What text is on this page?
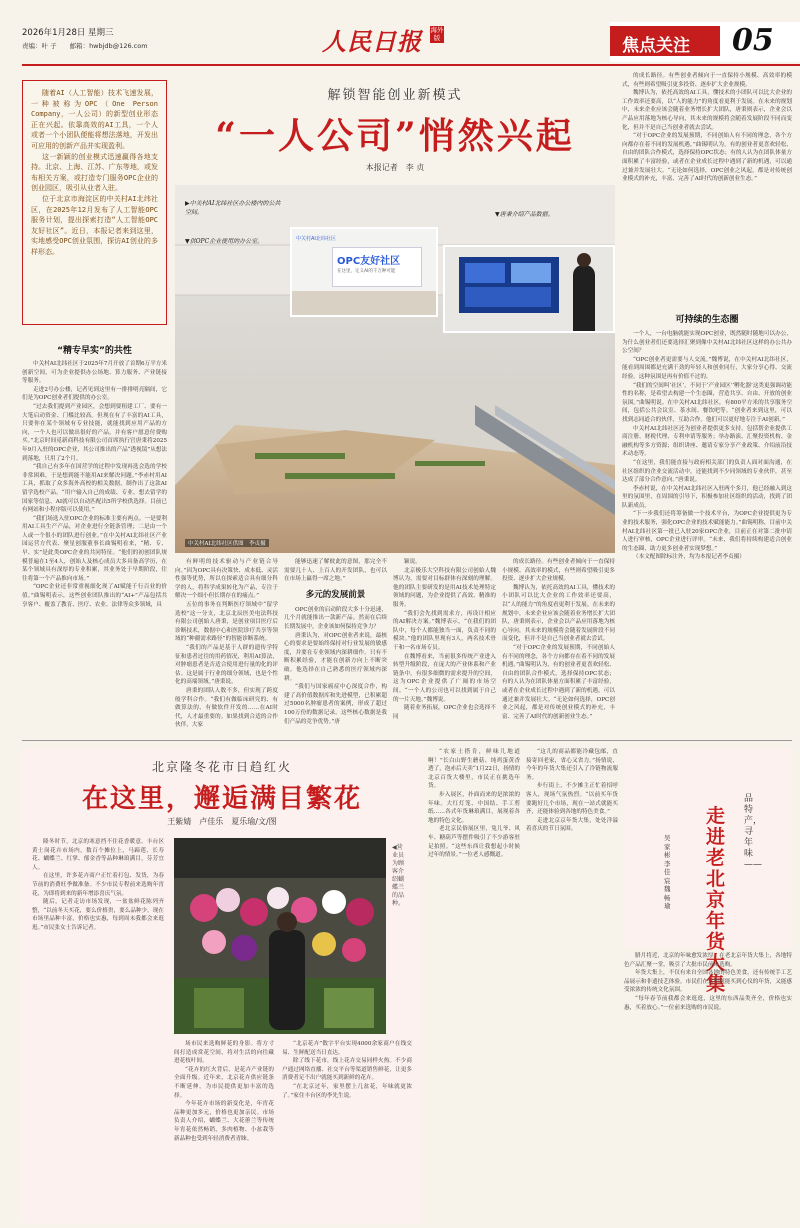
2026年1月28日 星期三
责编：叶 子　　邮箱：hwbjdb@126.com	人民日报 海外版	焦点关注 05

随着AI（人工智能）技术飞速发展，一种被称为OPC（One Person Company，一人公司）的新型创业形态正在兴起。依靠高效的AI工具，一个人或者一个小团队便能将想法落地，开发出可应用的创新产品并实现盈利。

这一新颖的创业模式迅速赢得各地支持。北京、上海、江苏、广东等地，或发布相关方案，或打造专门服务OPC企业的创业园区，吸引从业者入驻。

位于北京市海淀区的中关村AI北纬社区，在2025年12月发布了人工智能OPC服务计划，提出探索打造“人工智能OPC友好社区”。近日，本报记者来到这里，实地感受OPC创业氛围，探访AI创业的多样形态。

“精专早实”的共性

中关村AI北纬社区于2025年7月开放了首期6万平方米创新空间，可为企业提供办公场地、算力服务、产业链接等服务。

走进2号办公楼，记者见到这里有一排排明亮隔间，它们是为OPC创业者们提供的办公室。

“过去我们提到产业园区，会想到要租建工厂、要有一大笔启动资金、门槛比较高。但现在有了丰富的AI工具，只要你在某个领域有专业技能，就能找到应用产品的方向，一个人也可以做出很好的产品，并有客户愿意付费购买。”北京时间觅新商科技有限公司首席执行官唐秉将2025年9月入驻的OPC企业，其公司推出的产品“透视镜”从想法到落地，只用了2个月。

“我自己有多年在国营学的过程中发现再选会选的学校非常困难，于是想到能不能用AI来解决问题。”李赤村用AI工具，抓取了众多海外高校的相关数据，制作出了这款AI留学选校产品。“用户输入自己的成绩、专业、想去留学的国家等信息，AI就可以自动匹配出5所学校供选择。目前已有网站和小程序版可以使用。”

“我们场选入驻OPC企业的标准主要有两点。一是要利用AI工具生产产品，对企业进行全链条管理；二是由一个人或一个很小的团队进行创业。”在中关村AI北纬社区产业园运营方代表、聚星创服董事长曲锡明看来，“精、专、早、实”是此类OPC企业的共同特征。“他们的初创团队规模普遍在1至4人，创始人及核心成员大多具备高学历，在某个领域具有深厚的专业积累，其业务处于早期阶段，往往将第一个产品推向市场。”

“OPC企业还非常重视细化现了AI赋能千行百业的价值。”曲锡明表示，这些创业团队推出的“AI+”产品包括共享客户、覆盖了教育、医疗、农业、法律等众多领域，具

解锁智能创业新模式
“一人公司”悄然兴起
本报记者　李 贞
OPC友好社区
在这里，定义AI的千万种可能
中关村AI北纬社区
▶中关村AI北纬社区办公楼内的公共空间。
▼供OPC企业使用的办公室。
▼唐秉介绍产品数据。
中关村AI北纬社区供图　李贞摄

有鲜明的技术驱动与产业链合导向。”因为OPC具有决策快、成本低、灵活性强等优势，所以在探索适合具有细分科学的人，将科学成果转化为产品，专注于解决一个细小但长期存在的痛点。”

五位的事务在判断医疗领域中“留学选校”这一分支，北京北辰医美电法科技有限公司创始人唐秉，是创业项目医疗后诊断技术，数据中心和医院诊疗共享等领域的“种疆需求路径”的智能诊断系统。

“我们的产品是基于人群的遗传学特征和患者过往的用药情况，利用AI算法，对肿瘤患者是否适合使用进行量的化的评估。这是属于行业的细分领域，也是个性化的高端领域。”唐秉说。

唐秉的团队人数不多，但实现了跨度般学科合作。“我们有做临床研究的、有做算法的、有做软件开发的……在AI时代，人才最重要的。如果找到合适的合作伙伴，大家

能够迅速了解彼此的意图，那完全不需要几十人、上百人的开发团队，也可以在市场上赢得一席之地。”

多元的发展前景

OPC创业的启动阶段大多十分迅速，几个月就能推出一款新产品。然而在后续长期发展中，企业该如何保持竞争力？

唐秉认为，对OPC创业者来说，最核心的要求是要始终保持对行业发展的敏感度，并要在专业领域内深耕细作。只有不断积累经验，才能在创新方向上不断突破。他选择在自己熟悉的医疗领域内深耕。

“我们与国家癌症中心深度合作，构建了高价值数据库和先进模型，已积累超过5000名肿瘤患者的案例，形成了超过100万份的数据记录。这些核心数据是我们产品的竞争优势。”唐

颖说。

北京极乐大空科技有限公司创始人魏博认为，需要对目标群体有深刻的理解。他的团队主要研发的是用AI技术处理特定领域的问题，为企业提供了高效、精准的服务。

“我们会先找到需求方，再设计相应的AI解决方案。”魏博表示，“在我们的团队中，每个人都能独当一面，负责不同的模块。”他的团队里现有3人，两名技术骨干和一名市场专员。

在魏博看来，当前很多传统产业进入转型升级阶段，在庞大的产业体系和产业链条中，有很多细微的需求提升的空间，这为OPC企业提供了广阔的市场空间。“一个人的公司也可以找到属于自己的一片天地。”魏博说。

随着业务拓展，OPC企业也会选择不同

的成长路径。有些创业者倾向于一直保持小规模、高效率的模式，有些则希望吸引更多投资、逐步扩大企业规模。

魏博认为，依托高效的AI工具，懂技术的小团队可以比大企业的工作效率还要高，以“人的能力”的角度看更利于发展。在未来的规划中，未来企业应该会随着业务增长扩大团队，唐秉则表示，企业会以产品应用落地为核心导向，其未来的规模将会随着发展阶段不同而变化，但并不是自己当创业者就去尝试。

“对于OPC企业的发展预期，不同创始人有不同的理念，各个方向都存在着不同的发展机遇。”曲锡明认为，有的创业者更喜欢轻松、自由的团队合作模式，选择保持OPC状态；有的人认为在团队体量方面积累了丰富经验，或者在企业成长过程中遇到了新的机遇，可以通过兼并发展壮大。“无论如何选择，OPC创业之风起，都是对传统创业模式的补充，丰富、完善了AI时代的创新创业生态。”

的成长路径。有些创业者倾向于一直保持小规模、高效率的模式，有些则希望吸引更多投资、逐步扩大企业规模。

魏博认为，依托高效的AI工具，懂技术的小团队可以比大企业的工作效率还要高，以“人的能力”的角度看更利于发展。在未来的规划中，未来企业应该会随着业务增长扩大团队，唐秉则表示，企业会以产品应用落地为核心导向，其未来的规模将会随着发展阶段不同而变化，但并不是自己当创业者就去尝试。

“对于OPC企业的发展预期，不同创始人有不同的理念，各个方向都存在着不同的发展机遇。”曲锡明认为，有的创业者更喜欢轻松、自由的团队合作模式，选择保持OPC状态；有的人认为在团队体量方面积累了丰富经验，或者在企业成长过程中遇到了新的机遇，可以通过兼并发展壮大。“无论如何选择，OPC创业之风起，都是对传统创业模式的补充，丰富、完善了AI时代的创新创业生态。”

可持续的生态圈

一个人，一台电脑就能实现OPC创业，既然随时随地可以办公，为什么创业者们还要选择汇聚到像中关村AI北纬社区这样的办公共办公空间？

“OPC创业者更需要与人交流。”魏博说，在中关村AI北纬社区，能看到周围都是充满干劲的年轻人和创业同行，大家分享心得、交流经验。这种氛围是再有价值不过的。

“我们的空间叫‘社区’，不同于‘产业园区’‘孵化器’这类更强调功能性的名称，是希望去构建一个生态圈，营造共享、自由、开放的创业氛围。”曲锡明说。在中关村AI北纬社区，有800平方米的共享服务空间，包括公共会议室、茶水间、餐饮吧等。“创业者来到这里，可以找到志同道合的伙伴，互助合作。他们可以更好地专注于AI创新。”

中关村AI北纬社区还为创业者提供更多支持，包括帮企业提供工商注册、财税代理、专利申请等服务；举办路演、汇聚投资机构、金融机构等多方资源；组织讲座、邀请专家分享产业政策、介绍前沿技术动态等。

“在这里，我们能直接与政府相关部门的负责人面对面沟通，在社区组织的企业交流活动中，还能找到不少同领域的专业伙伴，甚至达成了部分合作意向。”唐秉说。

李赤村说，在中关村AI北纬社区入驻两个多月，他已经融入到这里的氛围里，在周围的引导下，积极参加社区组织的活动，找到了团队新成员。

“下一步我们还将筹备做一个技术平台，为OPC企业提供更为专业的技术服务，强化OPC企业的技术赋能能力。”曲锡明称，目前中关村AI北纬社区第一批已入驻20家OPC企业，目前正在对第二批申请人进行审核，OPC企业进行评审。“未来，我们将持续构建适合创业的生态圈，助力更多创业者实现梦想。”

（本文配图除标注外，均为本报记者李贞摄）

北京隆冬花市日趋红火
在这里，邂逅满目繁花
王紫婧　卢佳乐　夏乐瑜/文/图

隆冬时节，北京的寒意挡不住花香暖意。丰台区黄土岗花卉市场内，数百个摊位上，马蹄莲、长寿花、蝴蝶兰、红掌、郁金香等品种琳琅满目，芬芳宜人。

在这里，许多花卉商户正忙着打包、发货，为春节前的消费旺季做准备。不少市民专程前来选购年宵花，为即将到来的新年增添喜庆气氛。

随后，记者走访市场发现，一盆盆鲜花陈列齐整，“以前冬天买花，要么价格贵，要么品种少。现在市场里品种丰富，价格也实惠，每到周末我都会来逛逛。”市民张女士告诉记者。

◀营业员为顾客介绍蝴蝶兰的品种。

场市民来选购鲜花的身影。将方寸间打造成赏花空间，将对生活的向往藏进花枝叶间。

“花卉的红火背后，是花卉产业链的全面升级。近年来，北京花卉供应链条不断延伸，为市民提供更加丰富的选择。

今年花卉市场的新变化是，年宵花品种更加多元，价格也更加亲民。市场负责人介绍，蝴蝶兰、大花蕙兰等传统年宵花依然畅销，多肉植物、小盆栽等新品种也受到年轻消费者青睐。

“北京花卉”数字平台实现4000余家商户在线交易、生鲜配送当日直达。

除了线下花市，线上花卉交易同样火热。不少商户通过网络直播、社交平台等渠道销售鲜花，让更多消费者足不出户就能买到新鲜的花卉。

“在北京过年，家里摆上几盆花，年味就更浓了。”家住丰台区的李先生说。

“农家土搭肯，鲜味儿地道啊！”长白山野生蘑菇、纯鸡蛋黄香透了，泡赤后天卖“1月22日，扬情的北京百货大楼里，市民正在挑选年货。

步入展区，扑面而来的是浓浓的年味。大红灯笼、中国结、手工剪纸……各式年货琳琅满目，展现着各地的特色文化。

老北京民俗展区里，兔儿爷、风车、糖葫芦等摆件吸引了不少游客驻足拍照。“这些东西让我想起小时候过年的情景。”一位老人感慨道。

“这儿的商品都能冷藏包邮，直接寄回老家，省心又省力。”扬情说，今年的年货大集还引入了冷链物流服务。

步行街上，不少摊主正忙着招呼客人，现场气氛热烈。“以前买年货要跑好几个市场，现在一站式就能买齐，还能体验到各地的特色美食。”

走进北京京年货大集，处处洋溢着喜庆的节日氛围。

品特产，寻年味——
走进老北京年货大集
吴家彬　李佳宸　魏畅瑜

腊月将近，北京的年味愈发浓厚。在老北京年货大集上，各地特色产品汇聚一堂，吸引了大批市民前来选购。

年货大集上，不仅有来自全国各地的特色美食，还有传统手工艺品展示和非遗技艺体验。市民们在这里既能买到心仪的年货，又能感受浓浓的传统文化氛围。

“每年春节前我都会来逛逛，这里的东西品类齐全，价格也实惠，买着放心。”一位前来选购的市民说。
